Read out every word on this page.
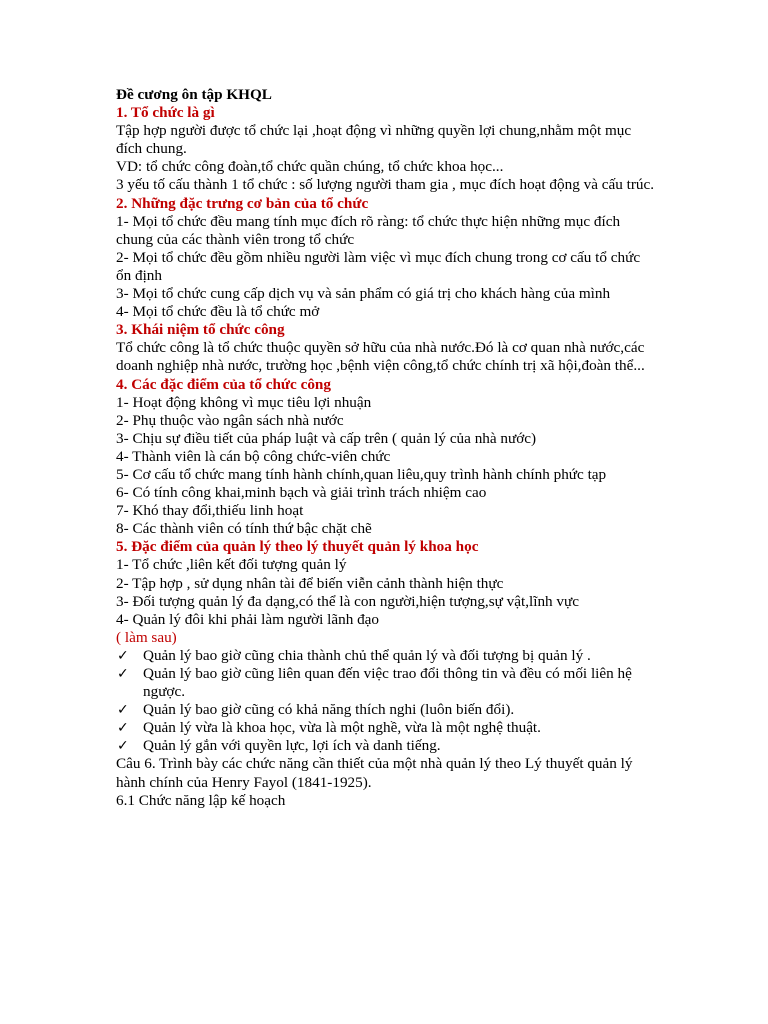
Đề cương ôn tập KHQL

1. Tổ chức là gì

Tập hợp người được tổ chức lại ,hoạt động vì những quyền lợi chung,nhằm một mục đích chung.

VD: tổ chức công đoàn,tổ chức quần chúng, tổ chức khoa học...

3 yếu tố cấu thành 1 tổ chức : số lượng người tham gia , mục đích hoạt động và cấu trúc.

2. Những đặc trưng cơ bản của tổ chức

1- Mọi tổ chức đều mang tính mục đích rõ ràng: tổ chức thực hiện những mục đích chung của các thành viên trong tổ chức

2- Mọi tổ chức đều gồm nhiều người làm việc vì mục đích chung trong cơ cấu tổ chức ổn định

3- Mọi tổ chức cung cấp dịch vụ và sản phẩm có giá trị cho khách hàng của mình

4- Mọi tổ chức đều là tổ chức mở

3. Khái niệm tổ chức công

Tổ chức công là tổ chức thuộc quyền sở hữu của nhà nước.Đó là cơ quan nhà nước,các doanh nghiệp nhà nước, trường học ,bệnh viện công,tổ chức chính trị xã hội,đoàn thể...

4. Các đặc điểm của tổ chức công

1- Hoạt động không vì mục tiêu lợi nhuận

2- Phụ thuộc vào ngân sách nhà nước

3- Chịu sự điều tiết của pháp luật và cấp trên ( quản lý của nhà nước)

4- Thành viên là cán bộ công chức-viên chức

5- Cơ cấu tổ chức mang tính hành chính,quan liêu,quy trình hành chính phức tạp

6- Có tính công khai,minh bạch và giải trình trách nhiệm cao

7- Khó thay đổi,thiếu linh hoạt

8- Các thành viên có tính thứ bậc chặt chẽ

5. Đặc điểm của quản lý theo lý thuyết quản lý khoa học

1- Tổ chức ,liên kết đối tượng quản lý

2- Tập hợp , sử dụng nhân tài để biến viễn cảnh thành hiện thực

3- Đối tượng quản lý đa dạng,có thể là con người,hiện tượng,sự vật,lĩnh vực

4- Quản lý đôi khi phải làm người lãnh đạo

( làm sau)

✓ Quản lý bao giờ cũng chia thành chủ thể quản lý và đối tượng bị quản lý .
✓ Quản lý bao giờ cũng liên quan đến việc trao đổi thông tin và đều có mối liên hệ ngược.
✓ Quản lý bao giờ cũng có khả năng thích nghi (luôn biến đổi).
✓ Quản lý vừa là khoa học, vừa là một nghề, vừa là một nghệ thuật.
✓ Quản lý gắn với quyền lực, lợi ích và danh tiếng.

Câu 6. Trình bày các chức năng cần thiết của một nhà quản lý theo Lý thuyết quản lý hành chính của Henry Fayol (1841-1925).

6.1 Chức năng lập kế hoạch
